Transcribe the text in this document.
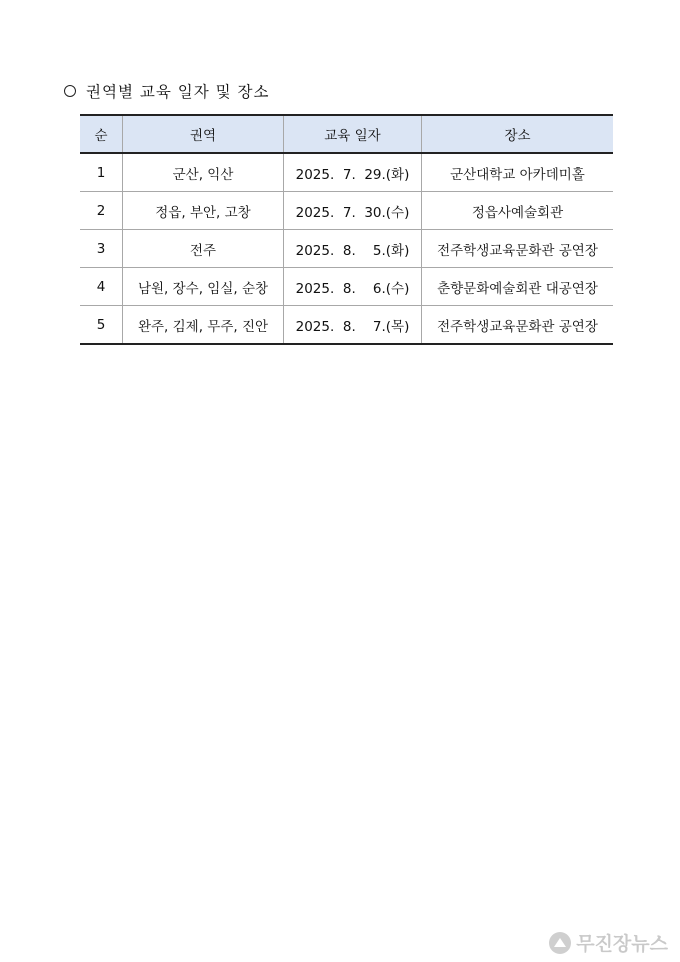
권역별 교육 일자 및 장소
순	권역	교육 일자	장소
1	군산, 익산	2025.  7.  29.(화)	군산대학교 아카데미홀
2	정읍, 부안, 고창	2025.  7.  30.(수)	정읍사예술회관
3	전주	2025.  8.    5.(화)	전주학생교육문화관 공연장
4	남원, 장수, 임실, 순창	2025.  8.    6.(수)	춘향문화예술회관 대공연장
5	완주, 김제, 무주, 진안	2025.  8.    7.(목)	전주학생교육문화관 공연장
무진장뉴스
